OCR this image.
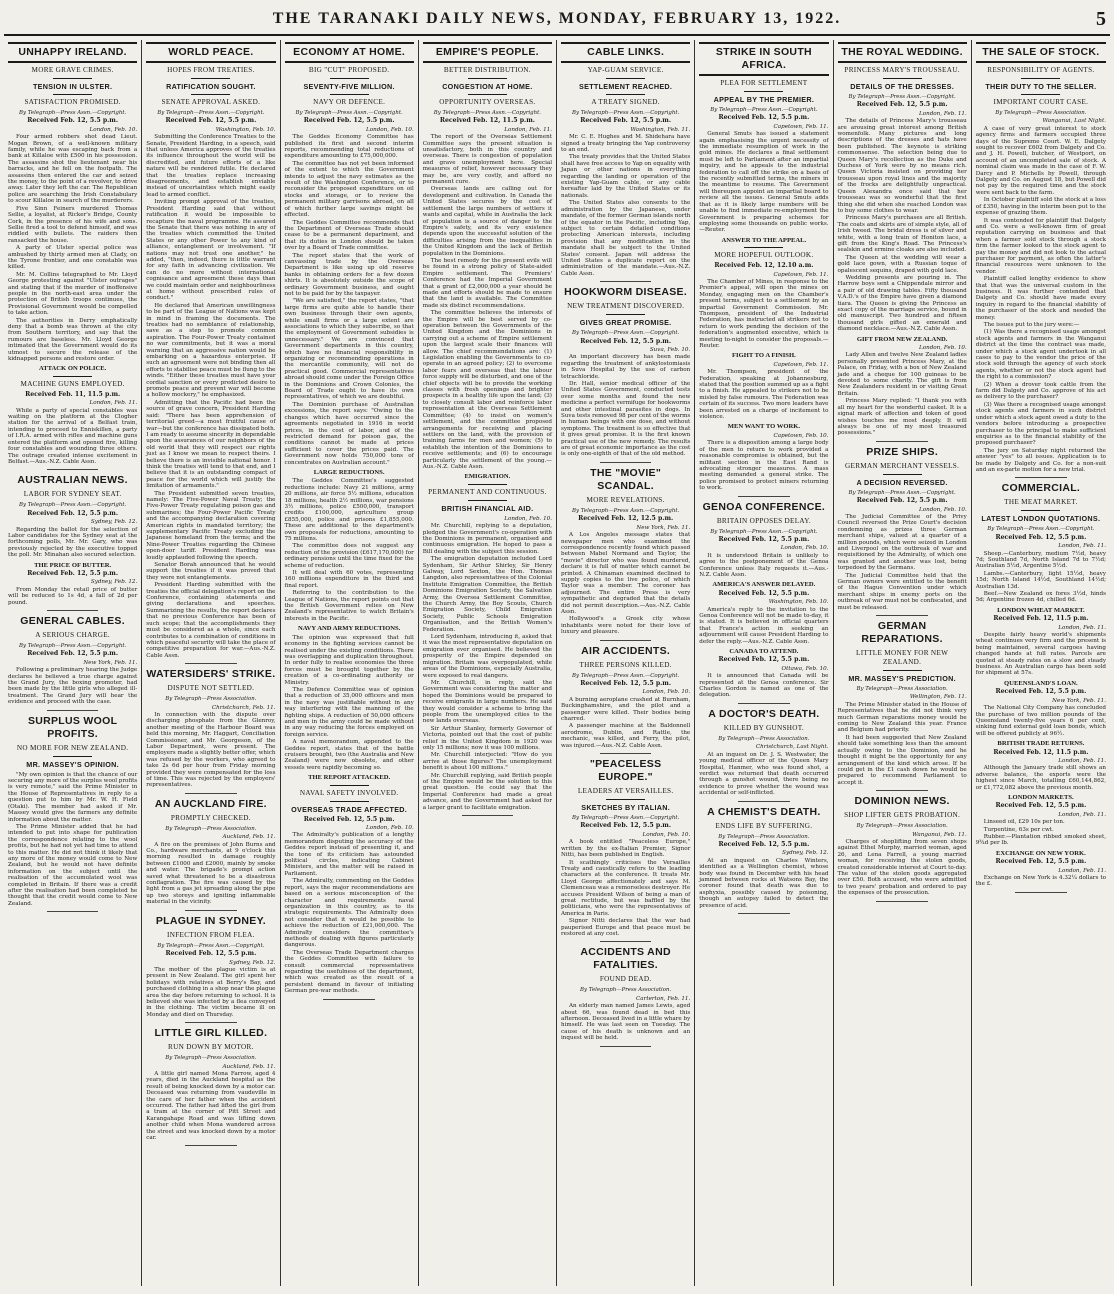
THE TARANAKI DAILY NEWS, MONDAY, FEBRUARY 13, 1922.	5
UNHAPPY IRELAND.
MORE GRAVE CRIMES.
TENSION IN ULSTER.
SATISFACTION PROMISED.
By Telegraph—Press Assn.—Copyright.
Received Feb. 12, 5.5 p.m.
London, Feb. 10.

Four armed robbers shot dead Lieut. Mogan Brown, of a well-known military family, while he was escaping back from a bank at Killaloe with £500 in his possession. The assassins shot the lieutenant near his barracks, and he fell on the footpath. The assassins then entered the car and seized the money, to the point of a revolver, to drive away. Later they left the car. The Republican police are searching the Irish Constabulary to scour Killaloe in search of the murderers.

Five Sinn Feiners murdered Thomas Sellie, a loyalist, at Ricker's Bridge, County Cork, in the presence of his wife and sons. Sellie fired a tool to defend himself, and was riddled with bullets. The raiders then ransacked the house.

A party of Ulster special police was ambushed by thirty armed men at Clady, on the Tyrone frontier, and one constable was killed.

Mr. M. Collins telegraphed to Mr. Lloyd George protesting against "Ulster outrages" and stating that if the murder of inoffensive people in the north-east area under the protection of British troops continues, the Provisional Government would be compelled to take action.

The authorities in Derry emphatically deny that a bomb was thrown at the city from Southern territory, and say that the rumours are baseless. Mr. Lloyd George intimated that the Government would do its utmost to secure the release of the kidnapped persons and restore order.

ATTACK ON POLICE.
MACHINE GUNS EMPLOYED.
Received Feb. 11, 11.5 p.m.
London, Feb. 11.

While a party of special constables was waiting on the platform at the Clogher station for the arrival of a Belfast train, intending to proceed to Enniskillen, a party of I.R.A. armed with rifles and machine guns entered the platform and opened fire, killing four constables and wounding three others. The outrage created intense excitement in Belfast.—Aus.-N.Z. Cable Assn.

AUSTRALIAN NEWS.
LABOR FOR SYDNEY SEAT.
By Telegraph—Press Assn.—Copyright.
Received Feb. 12, 5.5 p.m.
Sydney, Feb. 12.

Regarding the ballot for the selection of Labor candidates for the Sydney seat at the forthcoming polls, Mr. Mr. Gary, who was previously rejected by the executive topped the poll. Mr. Minahan also secured selection.

THE PRICE OF BUTTER.
Received Feb. 12, 5.5 p.m.
Sydney, Feb. 12.

From Monday the retail price of butter will be reduced to 1s 4d, a fall of 2d per pound.

GENERAL CABLES.
A SERIOUS CHARGE.
By Telegraph—Press Assn.—Copyright.
Received Feb. 12, 5.5 p.m.
New York, Feb. 11.

Following a preliminary hearing the Judge declares he believed a true charge against the Grand Jury, the boxing promoter, had been made by the little girls who alleged ill-treatment. The Grand Jury will hear the evidence and proceed with the case.

SURPLUS WOOL PROFITS.
NO MORE FOR NEW ZEALAND.
MR. MASSEY'S OPINION.

"My own opinion is that the chance of our securing any more of the surplus wool profits is very remote," said the Prime Minister in the House of Representatives in reply to a question put to him by Mr. W. H. Field (Otaki). The member had asked if Mr. Massey would give the farmers any definite information about the matter.

The Prime Minister added that he had intended to put into shape for publication the correspondence relating to the wool profits, but he had not yet had time to attend to this matter. He did not think it likely that any more of the money would come to New Zealand, but he would not have definite information on the subject until the realisation of the accumulated wool was completed in Britain. If there was a credit after the realisation had been completed he thought that the credit would come to New Zealand.

WORLD PEACE.
HOPES FROM TREATIES.
RATIFICATION SOUGHT.
SENATE APPROVAL ASKED.
By Telegraph—Press Assn.—Copyright.
Received Feb. 12, 5.5 p.m.
Washington, Feb. 10.

Submitting the Conference Treaties to the Senate, President Harding, in a speech, said that unless America approves of the treaties its influence throughout the world will be discredited, and future efforts of a like nature will be rendered futile. He declared that the treaties replace increasing disagreements, and establish enviable instead of uncertainties which might easily lead to armed conflict.

Inviting prompt approval of the treaties, President Harding said that without ratification it would be impossible to recapture the naval programme. He assured the Senate that there was nothing in any of the treaties which committed the United States or any other Power to any kind of alliance, entanglement or involvement. "If nations may not trust one another," he added, "then, indeed, there is little warrant for any faith in advancing civilization. We can do no more without international cognisance and agreement these days than we could maintain order and neighbourliness at home without prescribed rules of conduct."

He declared that American unwillingness to be part of the League of Nations was kept in mind in framing the documents. The treaties had no semblance of relationship, save as a step to promote common aspiration. The Four-Power Treaty contained no war commitments, but it was a moral warning that an aggressive nation would be embarking on a hazardous enterprise. If such an agreement were not binding then all efforts to stabilise peace must be flung to the winds. "Either these treaties must have your cordial sanction or every predicted desire to promote peace and prevent war will become a hollow mockery," he emphasized.

Admitting that the Pacific had been the source of grave concern, President Harding said: "There has been apprehension of territorial greed—a most fruitful cause of war—but the conference has dissipated both. I am ready to assume sincerity in dependable upon the assurances of our neighbors of the old world that they will respect our rights just as I know we mean to respect theirs. I believe there is an invisible national honor. I think the treaties will tend to that end, and I believe that it is an outstanding compact of peace for the world which will justify the limitation of armaments."

The President submitted seven treaties, namely: The Five-Power Naval Treaty; the Five-Power Treaty regulating poison gas and submarines; the Four-Power Pacific Treaty and the accompanying declaration covering American rights in mandated territory; the supplementary Pacific Treaty excluding the Japanese homeland from the terms; and the Nine-Power Treaties regarding the Chinese open-door tariff. President Harding was loudly applauded following the speech.

Senator Borah announced that he would support the treaties if it was proved that they were not entanglements.

President Harding submitted with the treaties the official delegation's report on the Conference, containing statements and giving declarations and speeches. Summarizing the results, the report declares that no previous Conference has been of such scope; that the accomplishments they must be considered as a whole, since each contributes to a combination of conditions in which peaceful security will take the place of competitive preparation for war.—Aus.-N.Z. Cable Assn.

WATERSIDERS' STRIKE.
DISPUTE NOT SETTLED.
By Telegraph—Press Association.
Christchurch, Feb. 11.

In connection with the dispute over discharging phosphate from the Glenroy, another meeting of the Harbour Board was held this morning, Mr. Haggart, Conciliation Commissioner, and Mr. Georgeson, of the Labor Department, were present. The employers made a slightly better offer, which was refused by the workers, who agreed to take 2s 6d per hour from Friday morning provided they were compensated for the loss of time. This was rejected by the employers' representatives.

AN AUCKLAND FIRE.
PROMPTLY CHECKED.
By Telegraph—Press Association.
Auckland, Feb. 11.

A fire on the premises of John Burns and Co., hardware merchants, at 9 o'clock this morning resulted in damage roughly between £1000 and £2000, mainly by smoke and water. The brigade's prompt action saved what threatened to be a disastrous conflagration. The fire was caused by the light from a gas jet spreading along the pipe up two storeys and igniting inflammable material in the vicinity.

PLAGUE IN SYDNEY.
INFECTION FROM FLEA.
By Telegraph—Press Assn.—Copyright.
Received Feb. 12, 5.5 p.m.
Sydney, Feb. 12.

The mother of the plague victim is at present in New Zealand. The girl spent her holidays with relatives at Berry's Bay, and purchased clothing in a shop near the plague area the day before returning to school. It is believed she was infected by a flea conveyed in the clothing. The victim became ill on Monday and died on Thursday.

LITTLE GIRL KILLED.
RUN DOWN BY MOTOR.
By Telegraph—Press Association.
Auckland, Feb. 11.

A little girl named Mona Farrow, aged 4 years, died in the Auckland hospital as the result of being knocked down by a motor car. Deceased was returning from vaudeville in the care of her father when the accident occurred. The father had lifted the girl from a tram at the corner of Pitt Street and Karangahape Road and was lifting down another child when Mona wandered across the street and was knocked down by a motor car.

ECONOMY AT HOME.
BIG "CUT" PROPOSED.
SEVENTY-FIVE MILLION.
NAVY OR DEFENCE.
By Telegraph—Press Assn.—Copyright.
Received Feb. 12, 5.5 p.m.
London, Feb. 10.

The Geddes Economy Committee has published its first and second interim reports, recommending total reductions of expenditure amounting to £75,000,000.

The committee has not yet been informed of the extent to which the Government intends to adjust the navy estimates as the result of the Washington Conference, or to reconsider the proposed expenditure on oil stocks and storage, or to review the permanent military garrisons abroad, on all of which further large savings might be effected.

The Geddes Committee recommends that the Department of Overseas Trade should cease to be a permanent department, and that its duties in London should be taken over by a Board of Trade committee.

The report states that the work of canvassing trade by the Overseas Department is like using up old reserve banks in obtaining orders for a few dozen shirts. It is absolutely outside the scope of ordinary Government business, and ought not to be paid for by the taxpayer.

"We are satisfied," the report states, "that large firms are quite able to handle their own business through their own agents, while small firms or a large extent are associations to which they subscribe, so that the employment of Government subsidies is unnecessary." We are convinced that Government departments in this country, which have no financial responsibility in organizing or recommending operations in the mercantile community, will not do practical good. Commercial representatives abroad should come under the Foreign Office in the Dominions and Crown Colonies, the Board of Trade ought to have its own representatives, of which we are doubtful.

The Dominion purchase of Australian excessions, the report says: "Owing to the changes which have occurred since the agreements negotiated in 1916 in world prices, in the cost of labor, and of the restricted demand for poison gas, the conditions cannot be made at prices sufficient to cover the prices paid. The Government now holds 750,000 tons of concentrates on Australian account."

LARGE REDUCTIONS.

The Geddes Committee's suggested reductions include: Navy 21 millions, army 20 millions, air force 5½ millions, education 18 millions, health 2½ millions, war pensions 3½ millions, police £500,000, transport credits £100,000, agriculture group £855,000, police and prisons £1,855,000. These are additional to the department's own proposals for reductions, amounting to 75 millions.

The committee does not suggest any reduction of the provision (£617,170,000) for ordinary pensions until the time fixed for the scheme of reduction.

It will deal with 60 votes, representing 160 millions expenditure in the third and final report.

Referring to the contribution to the League of Nations, the report points out that the British Government relies on New Zealand's representative to watch Britain's interests in the Pacific.

NAVY AND ARMY REDUCTIONS.

The opinion was expressed that full economy in the fighting services cannot be realised under the existing conditions. There was overlapping and duplication throughout. In order fully to realise economies the three forces must be brought together by the creation of a co-ordinating authority or Ministry.

The Defence Committee was of opinion that a reduction of 35,000 officers and men in the navy was justifiable without in any way interfering with the manning of the fighting ships. A reduction of 50,000 officers and men in the army could be made without in any way reducing the forces employed on foreign service.

A naval memorandum, appended to the Geddes report, states that of the battle cruisers brought, two (the Australia and New Zealand) were now obsolete, and other vessels were rapidly becoming so.

THE REPORT ATTACKED.
NAVAL SAFETY INVOLVED.
OVERSEAS TRADE AFFECTED.
Received Feb. 12, 5.5 p.m.
London, Feb. 10.

The Admiralty's publication of a lengthy memorandum disputing the accuracy of the Geddes report instead of presenting it, and the tone of its criticism has astounded political circles, indicating Cabinet Ministers, and the matter will be raised in Parliament.

The Admiralty, commenting on the Geddes report, says the major recommendations are based on a serious misconception of the character and requirements naval organization in this country, as to its strategic requirements. The Admiralty does not consider that it would be possible to achieve the reduction of £21,000,000. The Admiralty considers the committee's methods of dealing with figures particularly dangerous.

The Overseas Trade Department charges the Geddes Committee with failure to consult commercial representatives regarding the usefulness of the department, which was created as the result of a persistent demand in favour of initiating German pre-war methods.

EMPIRE'S PEOPLE.
BETTER DISTRIBUTION.
CONGESTION AT HOME.
OPPORTUNITY OVERSEAS.
By Telegraph—Press Assn.—Copyright.
Received Feb. 12, 11.5 p.m.
London, Feb. 11.

The report of the Overseas Settlement Committee says the present situation is unsatisfactory, both in this country and overseas. There is congestion of population and grave unemployment here. Special measures of relief, however necessary they may be, are very costly, and afford no permanent cure.

Overseas lands are calling out for development and cultivation. In Canada the United States secures by the cost of settlement the large numbers of settlers it wants and capital, while in Australia the lack of population is a source of danger to the Empire's safety, and its very existence depends upon the successful solution of the difficulties arising from the inequalities in the United Kingdom and the lack of British population in the Dominions.

The best remedy for the present evils will be found in a strong policy of State-aided Empire settlement. The Premiers' Conference had the Imperial Government that a grant of £2,000,000 a year should be made and efforts should be made to ensure that the land is available. The Committee made six distinct recommendations.

The committee believes the interests of the Empire will be best served by co-operation between the Governments of the United Kingdom and the Dominions in carrying out a scheme of Empire settlement upon the largest scale their finances will allow. The chief recommendations are: (1) Legislation enabling the Governments to co-operate in an agreed policy; (2) to overcome labor fears and overseas that the labour force supply will be disturbed, and one of the chief objects will be to provide the working classes with fresh openings and brighter prospects in a healthy life upon the land; (3) to closely consult labor and reinforce labor representation at the Overseas Settlement Committee; (4) to insist on women's settlement, and the committee proposed arrangements for receiving and placing settlers on the land, with the provision of training farms for men and women; (5) to establish the intention of the Dominions to receive settlements; and (6) to encourage particularly the settlement of the young.—Aus.-N.Z. Cable Assn.

EMIGRATION.
PERMANENT AND CONTINUOUS.
BRITISH FINANCIAL AID.
London, Feb. 10.

Mr. Churchill, replying to a deputation, pledged the Government's co-operation with the Dominions in permanent, organised and continuous emigration. He hoped to pass a Bill dealing with the subject this session.

The emigration deputation included Lord Sydenham, Sir Arthur Shirley, Sir Henry Galway, Lord Sexton, the Hon. Thomas Langdon, also representatives of the Colonial Institute Emigration Committee, the British Dominions Emigration Society, the Salvation Army, the Oversea Settlement Committee, the Church Army, the Boy Scouts, Church Emigration Society, Child Emigration Society, Public Schools Emigration Organisation, and the British Women's Federation.

Lord Sydenham, introducing it, asked that it was the most representative deputation on emigration ever organised. He believed the prosperity of the Empire depended on migration. Britain was overpopulated, while areas of the Dominions, especially Australia, were exposed to real dangers.

Mr. Churchill, in reply, said the Government was considering the matter and hoped the Dominions would be prepared to receive emigrants in large numbers. He said they would consider a scheme to bring the people from the unemployed cities to the new lands overseas.

Sir Arthur Stanley, formerly Governor of Victoria, pointed out that the cost of public relief in the United Kingdom in 1920 was only 15 millions; now it was 100 millions.

Mr. Churchill interjected: "How do you arrive at those figures? The unemployment benefit is about 100 millions."

Mr. Churchill replying, said British people of the Empire would be the solution to this great question. He could say that the Imperial Conference had made a great advance, and the Government had asked for a larger grant to facilitate emigration.

CABLE LINKS.
YAP-GUAM SERVICE.
SETTLEMENT REACHED.
A TREATY SIGNED.
By Telegraph—Press Assn.—Copyright.
Received Feb. 12, 5.5 p.m.
Washington, Feb. 11.

Mr. C. E. Hughes and M. Shidehara have signed a treaty bringing the Yap controversy to an end.

The treaty provides that the United States shall have free access to Yap on equality with Japan or other nations in everything regarding the landing or operation of the existing Yap-Guam cable, or any cable hereafter laid by the United States or its nationals.

The United States also consents to the administration by the Japanese, under mandate, of the former German islands north of the equator in the Pacific, including Yap, subject to certain detailed conditions protecting American interests, including provision that any modification in the mandate shall be subject to the United States' consent. Japan will address the United States a duplicate report on the administration of the mandate.—Aus.-N.Z. Cable Assn.

HOOKWORM DISEASE.
NEW TREATMENT DISCOVERED.
GIVES GREAT PROMISE.
By Telegraph—Press Assn.—Copyright.
Received Feb. 12, 5.5 p.m.
Suva, Feb. 10.

An important discovery has been made regarding the treatment of ankylostomiasis in Suva Hospital by the use of carbon tetrachloride.

Dr. Hall, senior medical officer of the United States Government, conducted tests over some months and found the new medicine a perfect vermifuge for hookworms and other intestinal parasites in dogs. In Suva tests removed 98 per cent of the worms in human beings with one dose, and without symptoms. The treatment is so effective that it gives great promise. It is the first known practical use of the new remedy. The results are of great economic importance as the cost is only one-eighth of that of the old method.

THE "MOVIE" SCANDAL.
MORE REVELATIONS.
By Telegraph—Press Assn.—Copyright.
Received Feb. 12, 12.5 p.m.
New York, Feb. 11.

A Los Angeles message states that newspaper men who examined the correspondence recently found which passed between Mabel Normand and Taylor, the "movie" director who was found murdered, declare it is full of matter which cannot be printed. A Chinaman examined declined to supply copies to the live police, of which Taylor was a member. The coroner has adjourned. The entire Press is very sympathetic and degraded that the details did not permit description.—Aus.-N.Z. Cable Assn.

Hollywood's a Greek city whose inhabitants were noted for their love of luxury and pleasure.

AIR ACCIDENTS.
THREE PERSONS KILLED.
By Telegraph—Press Assn.—Copyright.
Received Feb. 12, 5.5 p.m.
London, Feb. 10.

A burning aeroplane crashed at Burnham, Buckinghamshire, and the pilot and a passenger were killed. Their bodies being charred.

A passenger machine at the Baldonnell aerodrome, Dublin, and Rattle, the mechanic, was killed, and Ferry, the pilot, was injured.—Aus.-N.Z. Cable Assn.

"PEACELESS EUROPE."
LEADERS AT VERSAILLES.
SKETCHES BY ITALIAN.
By Telegraph—Press Assn.—Copyright.
Received Feb. 12, 5.5 p.m.
London, Feb. 10.

A book entitled "Peaceless Europe," written by the ex-Italian Premier, Signor Nitti, has been published in English.

It scathingly criticises the Versailles Treaty and caustically refers to the leading characters at the conference. It treats Mr. Lloyd George affectionately and says M. Clemenceau was a remorseless destroyer. He accuses President Wilson of being a man of great rectitude, but was baffled by the politicians, who were the representatives of America in Paris.

Signor Nitti declares that the war had pauperised Europe and that peace must be restored at any cost.

ACCIDENTS AND FATALITIES.
FOUND DEAD.
By Telegraph—Press Association.
Carterton, Feb. 11.

An elderly man named James Lewis, aged about 66, was found dead in bed this afternoon. Deceased lived in a little whare by himself. He was last seen on Tuesday. The cause of his death is unknown and an inquest will be held.

STRIKE IN SOUTH AFRICA.
PLEA FOR SETTLEMENT
APPEAL BY THE PREMIER.
By Telegraph—Press Assn.—Copyright.
Received Feb. 12, 5.5 p.m.
Capetown, Feb. 11.

General Smuts has issued a statement again emphasising the urgent necessity of the immediate resumption of work in the gold mines. He declares a final settlement must be left to Parliament after an impartial inquiry, and he appeals to the industrial federation to call off the strike on a basis of the recently submitted terms, the miners in the meantime to resume. The Government will thereupon appoint an impartial board to review all the issues. General Smuts adds that as it is likely large numbers will be unable to find immediate re-employment the Government is preparing schemes for employing some thousands on public works.—Reuter.

ANSWER TO THE APPEAL.
MORE HOPEFUL OUTLOOK.
Received Feb. 12, 12.10 a.m.
Capetown, Feb. 11.

The Chamber of Mines, in response to the Premier's appeal, will open the mines on Monday, engaging men on the Chamber's present terms, subject to a settlement by an impartial Government Commission. Mr. Thompson, president of the Industrial Federation, has instructed all strikers not to return to work pending the decision of the federation's augmented executive, which is meeting to-night to consider the proposals.—Reuter.

FIGHT TO A FINISH.
Capetown, Feb. 11.

Mr. Thompson, president of the Federation, speaking at Johannesburg, stated that the position summed up as a fight to a finish. He appealed to strikers not to be misled by false rumours. The Federation was certain of its success. Two more leaders have been arrested on a charge of incitement to violence.

MEN WANT TO WORK.
Capetown, Feb. 10.

There is a disposition among a large body of the men to return to work provided a reasonable compromise is obtained, but the militant section in the East Rand is advocating stronger measures. A mass meeting demanded a general strike. The police promised to protect miners returning to work.

GENOA CONFERENCE.
BRITAIN OPPOSES DELAY.
By Telegraph—Press Assn.—Copyright.
Received Feb. 12, 5.5 p.m.
London, Feb. 10.

It is understood Britain is unlikely to agree to the postponement of the Genoa Conference unless Italy requests it.—Aus.-N.Z. Cable Assn.

AMERICA'S ANSWER DELAYED.
Received Feb. 12, 5.5 p.m.
Washington, Feb. 10.

America's reply to the invitation to the Genoa Conference will not be made to-day, it is stated. It is believed in official quarters that France's action in seeking an adjournment will cause President Harding to defer the reply.—Aus.-N.Z. Cable Assn.

CANADA TO ATTEND.
Received Feb. 12, 5.5 p.m.
Ottawa, Feb. 10.

It is announced that Canada will be represented at the Genoa conference. Sir Charles Gordon is named as one of the delegation.

A DOCTOR'S DEATH.
KILLED BY GUNSHOT.
By Telegraph—Press Association.
Christchurch, Last Night.

At an inquest on Dr. J. S. Westwater, the young medical officer of the Queen Mary Hospital, Hanmer, who was found shot, a verdict was returned that death occurred through a gunshot wound, there being no evidence to prove whether the wound was accidental or self-inflicted.

A CHEMIST'S DEATH.
ENDS LIFE BY SUFFERING.
By Telegraph—Press Association.
Received Feb. 12, 5.5 p.m.
Sydney, Feb. 12.

At an inquest on Charles Winters, identified as a Wellington chemist, whose body was found in December with his head jammed between rocks at Watsons Bay, the coroner found that death was due to asphyxia, possibly caused by poisoning, though an autopsy failed to detect the presence of acid.

THE ROYAL WEDDING.
PRINCESS MARY'S TROUSSEAU.
DETAILS OF THE DRESSES.
By Telegraph—Press Assn.—Copyright.
Received Feb. 12, 5.5 p.m.
London, Feb. 11.

The details of Princess Mary's trousseau are arousing great interest among British womenfolk. Many pictures and long descriptions of the dresses and hats have been published. The keynote is striking commonsense. The selection being due to Queen Mary's recollection as the Duke and Duchess of York were by no means rich. Queen Victoria insisted on providing her trousseau upon royal lines and the majority of the frocks are delightfully unpractical. Queen Alexandra once said that her trousseau was so wonderful that the first thing she did when she reached London was to buy some clothes to wear.

Princess Mary's purchases are all British. The coats and skirts are of simple style, all of Irish tweed. The bridal dress is of silver and white, with a long train of Honiton lace, a gift from the King's Road. The Princess's sealskin and ermine cloaks are also included.

The Queen at the wedding will wear a gold lace gown, with a Russian toque of opalescent sequins, draped with gold lace.

Wedding presents are pouring in. The Harrow boys sent a Chippendale mirror and a pair of old drawing tables. Fifty thousand V.A.D.'s of the Empire have given a diamond tiara. The Queen is giving the Princess an exact copy of the marriage service, bound in old manuscript. Two hundred and fifteen thousand girls gifted an emerald and diamond necklace.—Aus.-N.Z. Cable Assn.

GIFT FROM NEW ZEALAND.
London, Feb. 10.

Lady Allen and twelve New Zealand ladies personally presented Princess Mary, at the Palace, on Friday, with a box of New Zealand jade and a cheque for 100 guineas to be devoted to some charity. The gift is from New Zealanders resident in or visiting Great Britain.

Princess Mary replied: "I thank you with all my heart for the wonderful casket. It is a signal mark of affection and token of good wishes touches me most deeply. It will always be one of my most treasured possessions."

PRIZE SHIPS.
GERMAN MERCHANT VESSELS.
A DECISION REVERSED.
By Telegraph—Press Assn.—Copyright.
Received Feb. 12, 5.5 p.m.
London, Feb. 10.

The Judicial Committee of the Privy Council reversed the Prize Court's decision condemning as prizes three German merchant ships, valued at a quarter of a million pounds, which were seized in London and Liverpool on the outbreak of war and requisitioned by the Admiralty, of which one was granted and another was lost, being torpedoed by the Germans.

The Judicial Committee held that the German owners were entitled to the benefit of the Hague Convention under which merchant ships in enemy ports on the outbreak of war must not be confiscated, and must be released.

GERMAN REPARATIONS.
LITTLE MONEY FOR NEW ZEALAND.
MR. MASSEY'S PREDICTION.
By Telegraph—Press Association.
Wellington, Feb. 11.

The Prime Minister stated in the House of Representatives that he did not think very much German reparations money would be coming to New Zealand this year. France and Belgium had priority.

It had been suggested that New Zealand should take something less than the amount actually owing to the Dominion, and he thought it might be the opportunity for any arrangement of the kind which arose. If he could get in the £1 cash down he would be prepared to recommend Parliament to accept it.

DOMINION NEWS.
SHOP LIFTER GETS PROBATION.
By Telegraph—Press Association.
Wanganui, Feb. 11.

Charges of shoplifting from seven shops against Ethel Murphy, married woman, aged 26, and Lena Farrell, a young married woman, for receiving the stolen goods, created considerable interest at Court to-day. The value of the stolen goods aggregated over £50. Both accused, who were admitted to two years' probation and ordered to pay the expenses of the prosecution.

THE SALE OF STOCK.
RESPONSIBILITY OF AGENTS.
THEIR DUTY TO THE SELLER.
IMPORTANT COURT CASE.
By Telegraph—Press Association.
Wanganui, Last Night.

A case of very great interest to stock agency firms and farmers occupied three days of the Supreme Court. W. E. Dalgety sought to recover £602 from Dalgety and Co. and J. H. Powell, butcher, of Westport, on account of an uncompleted sale of stock. A nominal claim was made in the case of F. W. Darcy and P. Michells by Powell, through Dalgety and Co. on August 18, but Powell did not pay by the required time and the stock were sent back to the farm.

In October plaintiff sold the stock at a loss of £350, having in the interim been put to the expense of grazing them.

It was contended for plaintiff that Dalgety and Co. were a well-known firm of great reputation carrying on business and that when a farmer sold stock through a stock firm the farmer looked to the stock agent to pay the money and did not look to the actual purchaser for payment, as often the latter's financial resources were unknown to the vendor.

Plaintiff called lengthy evidence to show that that was the universal custom in the business. It was further contended that Dalgety and Co. should have made every inquiry in regard to the financial stability of the purchaser of the stock and needed the money.

The issues put to the jury were:—

(1) Was there a recognised usage amongst stock agents and farmers in the Wanganui district at the time the contract was made, under which a stock agent undertook in all cases to pay to the vendor the price of the stock sold through the agency of such stock agents, whether or not the stock agent had the right to a commission?

(2) When a drover took cattle from the farm did Dalgety and Co. approve of his act as delivery to the purchaser?

(3) Was there a recognised usage amongst stock agents and farmers in such district under which a stock agent owed a duty to the vendors before introducing a prospective purchaser to the principal to make sufficient enquiries as to the financial stability of the proposed purchaser?

The jury on Saturday night returned the answer "yes" to all issues. Application is to be made by Dalgety and Co. for a non-suit and an ex-parte motion for a new trial.

COMMERCIAL.
THE MEAT MARKET.
LATEST LONDON QUOTATIONS.
By Telegraph—Press Assn.—Copyright.
Received Feb. 12, 5.5 p.m.
London, Feb. 11.

Sheep.—Canterbury, medium 7½d, heavy 7d; Southland 7d, North Island 7d to 7½d; Australian 5½d, Argentine 5½d.

Lambs.—Canterbury, light 15½d, heavy 15d; North Island 14½d, Southland 14½d; Australian 13d.

Beef.—New Zealand ox fores 3½d, hinds 5d; Argentine frozen 4d, chilled 6d.

LONDON WHEAT MARKET.
Received Feb. 12, 11.5 p.m.
London, Feb. 11.

Despite fairly heavy world's shipments wheat continues very firm and the present is being maintained, several cargoes having changed hands at full rates. Parcels are quoted at steady rates on a slow and steady business. An Australian cargo has been sold for shipment at 57s.

QUEENSLAND'S LOAN.
Received Feb. 12, 5.5 p.m.
New York, Feb. 11.

The National City Company has concluded the purchase of two million pounds of the Queensland twenty-five years 6 per cent, sinking fund external gold loan bonds, which will be offered publicly at 96½.

BRITISH TRADE RETURNS.
Received Feb. 12, 11.5 p.m.
London, Feb. 11.

Although the January trade still shows an adverse balance, the exports were the highest since March, totalling £60,144,862, or £1,772,082 above the previous month.

LONDON MARKETS.
Received Feb. 12, 5.5 p.m.
London, Feb. 11.

Linseed oil, £29 10s per ton.

Turpentine, 63s per cwt.

Rubber.—Plantation ribbed smoked sheet, 9¾d per lb.

EXCHANGE ON NEW YORK.
Received Feb. 12, 5.5 p.m.
London, Feb. 11.

Exchange on New York is 4.32¼ dollars to the £.
